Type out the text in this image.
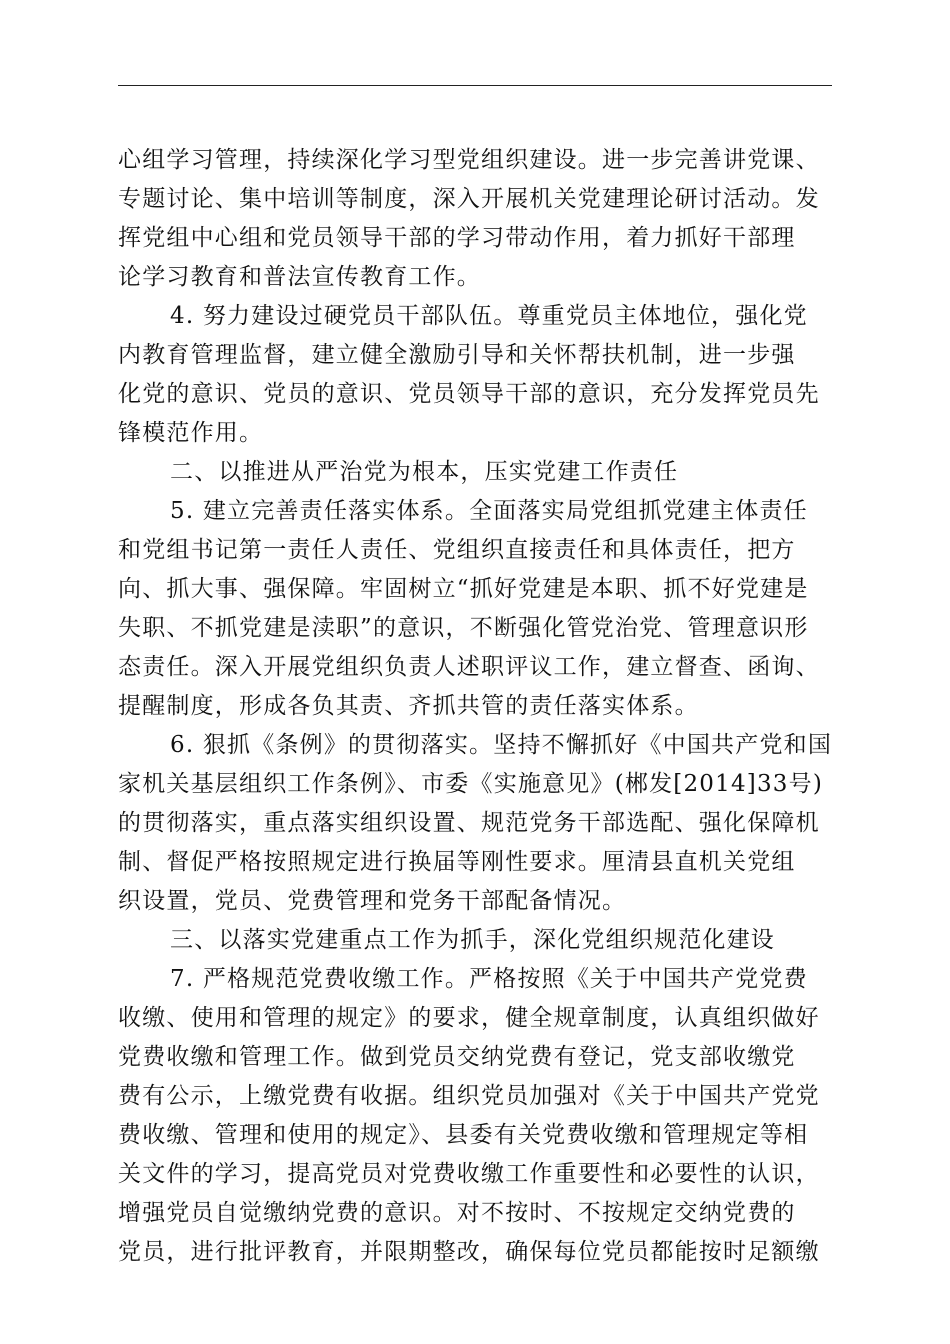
心组学习管理，持续深化学习型党组织建设。进一步完善讲党课、
专题讨论、集中培训等制度，深入开展机关党建理论研讨活动。发
挥党组中心组和党员领导干部的学习带动作用，着力抓好干部理
论学习教育和普法宣传教育工作。
4. 努力建设过硬党员干部队伍。尊重党员主体地位，强化党
内教育管理监督，建立健全激励引导和关怀帮扶机制，进一步强
化党的意识、党员的意识、党员领导干部的意识，充分发挥党员先
锋模范作用。
二、以推进从严治党为根本，压实党建工作责任
5. 建立完善责任落实体系。全面落实局党组抓党建主体责任
和党组书记第一责任人责任、党组织直接责任和具体责任，把方
向、抓大事、强保障。牢固树立“抓好党建是本职、抓不好党建是
失职、不抓党建是渎职”的意识，不断强化管党治党、管理意识形
态责任。深入开展党组织负责人述职评议工作，建立督查、函询、
提醒制度，形成各负其责、齐抓共管的责任落实体系。
6. 狠抓《条例》的贯彻落实。坚持不懈抓好《中国共产党和国
家机关基层组织工作条例》、市委《实施意见》(郴发[2014]33号)
的贯彻落实，重点落实组织设置、规范党务干部选配、强化保障机
制、督促严格按照规定进行换届等刚性要求。厘清县直机关党组
织设置，党员、党费管理和党务干部配备情况。
三、以落实党建重点工作为抓手，深化党组织规范化建设
7. 严格规范党费收缴工作。严格按照《关于中国共产党党费
收缴、使用和管理的规定》的要求，健全规章制度，认真组织做好
党费收缴和管理工作。做到党员交纳党费有登记，党支部收缴党
费有公示，上缴党费有收据。组织党员加强对《关于中国共产党党
费收缴、管理和使用的规定》、县委有关党费收缴和管理规定等相
关文件的学习，提高党员对党费收缴工作重要性和必要性的认识，
增强党员自觉缴纳党费的意识。对不按时、不按规定交纳党费的
党员，进行批评教育，并限期整改，确保每位党员都能按时足额缴
